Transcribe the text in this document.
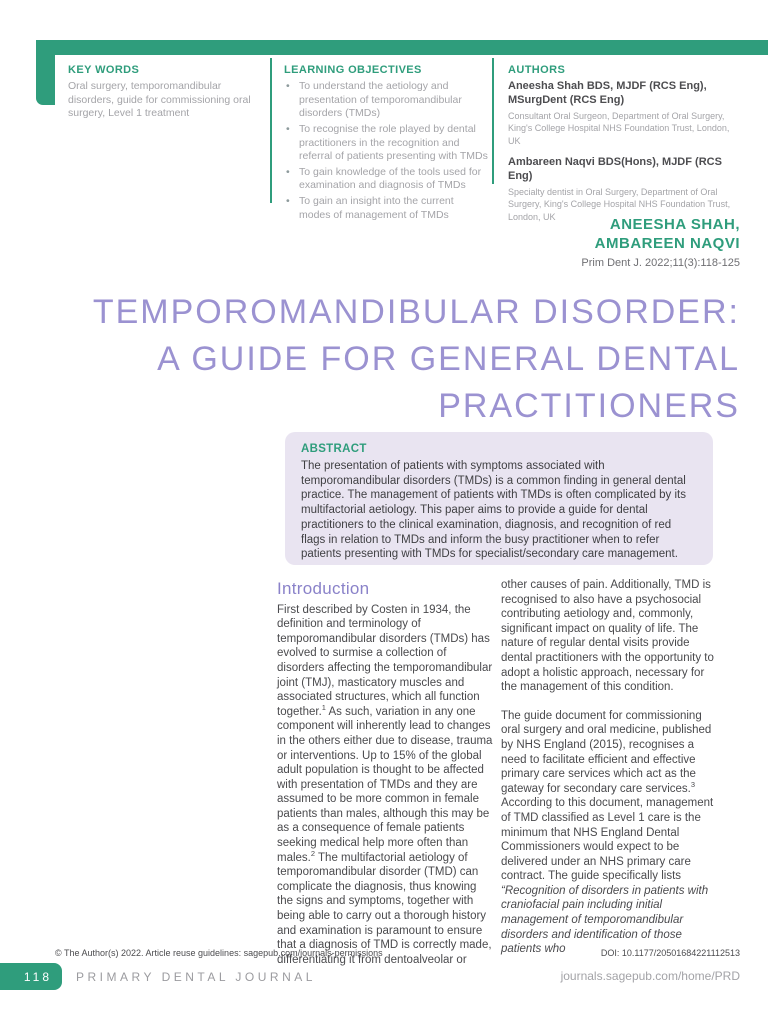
KEY WORDS
Oral surgery, temporomandibular disorders, guide for commissioning oral surgery, Level 1 treatment
LEARNING OBJECTIVES
• To understand the aetiology and presentation of temporomandibular disorders (TMDs)
• To recognise the role played by dental practitioners in the recognition and referral of patients presenting with TMDs
• To gain knowledge of the tools used for examination and diagnosis of TMDs
• To gain an insight into the current modes of management of TMDs
AUTHORS

Aneesha Shah BDS, MJDF (RCS Eng), MSurgDent (RCS Eng)

Consultant Oral Surgeon, Department of Oral Surgery, King's College Hospital NHS Foundation Trust, London, UK

Ambareen Naqvi BDS(Hons), MJDF (RCS Eng)

Specialty dentist in Oral Surgery, Department of Oral Surgery, King's College Hospital NHS Foundation Trust, London, UK	ANEESHA SHAH,
AMBAREEN NAQVI
Prim Dent J. 2022;11(3):118-125
TEMPOROMANDIBULAR DISORDER:
A GUIDE FOR GENERAL DENTAL
PRACTITIONERS
ABSTRACT
The presentation of patients with symptoms associated with temporomandibular disorders (TMDs) is a common finding in general dental practice. The management of patients with TMDs is often complicated by its multifactorial aetiology. This paper aims to provide a guide for dental practitioners to the clinical examination, diagnosis, and recognition of red flags in relation to TMDs and inform the busy practitioner when to refer patients presenting with TMDs for specialist/secondary care management.
Introduction

First described by Costen in 1934, the definition and terminology of temporomandibular disorders (TMDs) has evolved to surmise a collection of disorders affecting the temporomandibular joint (TMJ), masticatory muscles and associated structures, which all function together.$^1$ As such, variation in any one component will inherently lead to changes in the others either due to disease, trauma or interventions. Up to 15% of the global adult population is thought to be affected with presentation of TMDs and they are assumed to be more common in female patients than males, although this may be as a consequence of female patients seeking medical help more often than males.$^2$ The multifactorial aetiology of temporomandibular disorder (TMD) can complicate the diagnosis, thus knowing the signs and symptoms, together with being able to carry out a thorough history and examination is paramount to ensure that a diagnosis of TMD is correctly made, differentiating it from dentoalveolar or

other causes of pain. Additionally, TMD is recognised to also have a psychosocial contributing aetiology and, commonly, significant impact on quality of life. The nature of regular dental visits provide dental practitioners with the opportunity to adopt a holistic approach, necessary for the management of this condition.

The guide document for commissioning oral surgery and oral medicine, published by NHS England (2015), recognises a need to facilitate efficient and effective primary care services which act as the gateway for secondary care services.$^3$ According to this document, management of TMD classified as Level 1 care is the minimum that NHS England Dental Commissioners would expect to be delivered under an NHS primary care contract. The guide specifically lists “Recognition of disorders in patients with craniofacial pain including initial management of temporomandibular disorders and identification of those patients who

© The Author(s) 2022. Article reuse guidelines: sagepub.com/journals-permissions	DOI: 10.1177/20501684221112513
118	PRIMARY DENTAL JOURNAL	journals.sagepub.com/home/PRD
